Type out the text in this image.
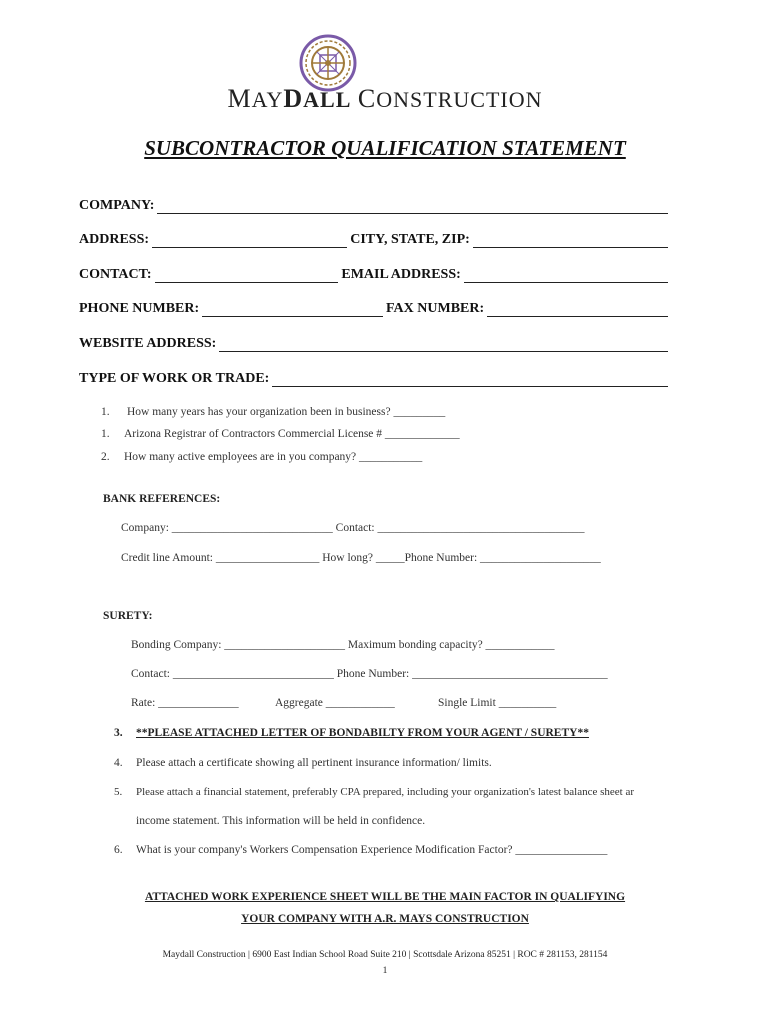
MAYDALL CONSTRUCTION
SUBCONTRACTOR QUALIFICATION STATEMENT
COMPANY:
ADDRESS:	CITY, STATE, ZIP:
CONTACT:	EMAIL ADDRESS:
PHONE NUMBER:	FAX NUMBER:
WEBSITE ADDRESS:
TYPE OF WORK OR TRADE:
1. How many years has your organization been in business? _________
1. Arizona Registrar of Contractors Commercial License # _____________
2. How many active employees are in you company? ___________
BANK REFERENCES:
Company: ____________________________ Contact: ____________________________________
Credit line Amount: __________________ How long? _____Phone Number: _____________________
SURETY:
Bonding Company: _____________________ Maximum bonding capacity? ____________
Contact: ____________________________ Phone Number: __________________________________
Rate: ______________	Aggregate ____________	Single Limit __________
3. **PLEASE ATTACHED LETTER OF BONDABILTY FROM YOUR AGENT / SURETY**
4. Please attach a certificate showing all pertinent insurance information/ limits.
5. Please attach a financial statement, preferably CPA prepared, including your organization's latest balance sheet ar
income statement. This information will be held in confidence.
6. What is your company's Workers Compensation Experience Modification Factor? ________________
ATTACHED WORK EXPERIENCE SHEET WILL BE THE MAIN FACTOR IN QUALIFYING
YOUR COMPANY WITH A.R. MAYS CONSTRUCTION
Maydall Construction | 6900 East Indian School Road Suite 210 | Scottsdale Arizona 85251 | ROC # 281153, 281154
1
